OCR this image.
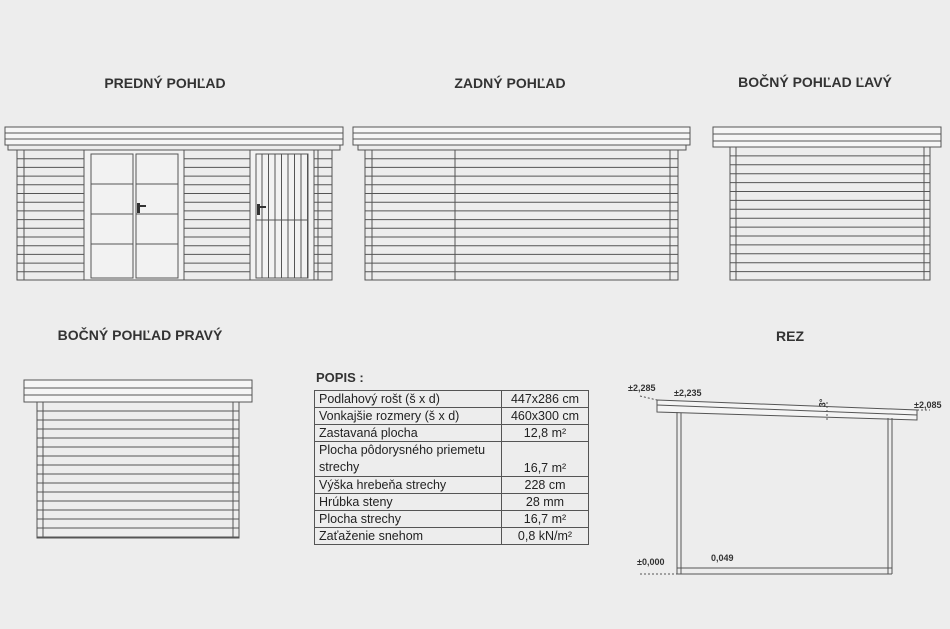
PREDNÝ POHĽAD	ZADNÝ POHĽAD	BOČNÝ POHĽAD ĽAVÝ
BOČNÝ POHĽAD PRAVÝ	REZ
±2,285 ±2,235
±2,085
3°
±0,000	0,049
POPIS :
Podlahový rošt (š x d)	447x286 cm
Vonkajšie rozmery (š x d)	460x300 cm
Zastavaná plocha	12,8 m²
Plocha pôdorysného priemetu strechy	16,7 m²
Výška hrebeňa strechy	228 cm
Hrúbka steny	28 mm
Plocha strechy	16,7 m²
Zaťaženie snehom	0,8 kN/m²
